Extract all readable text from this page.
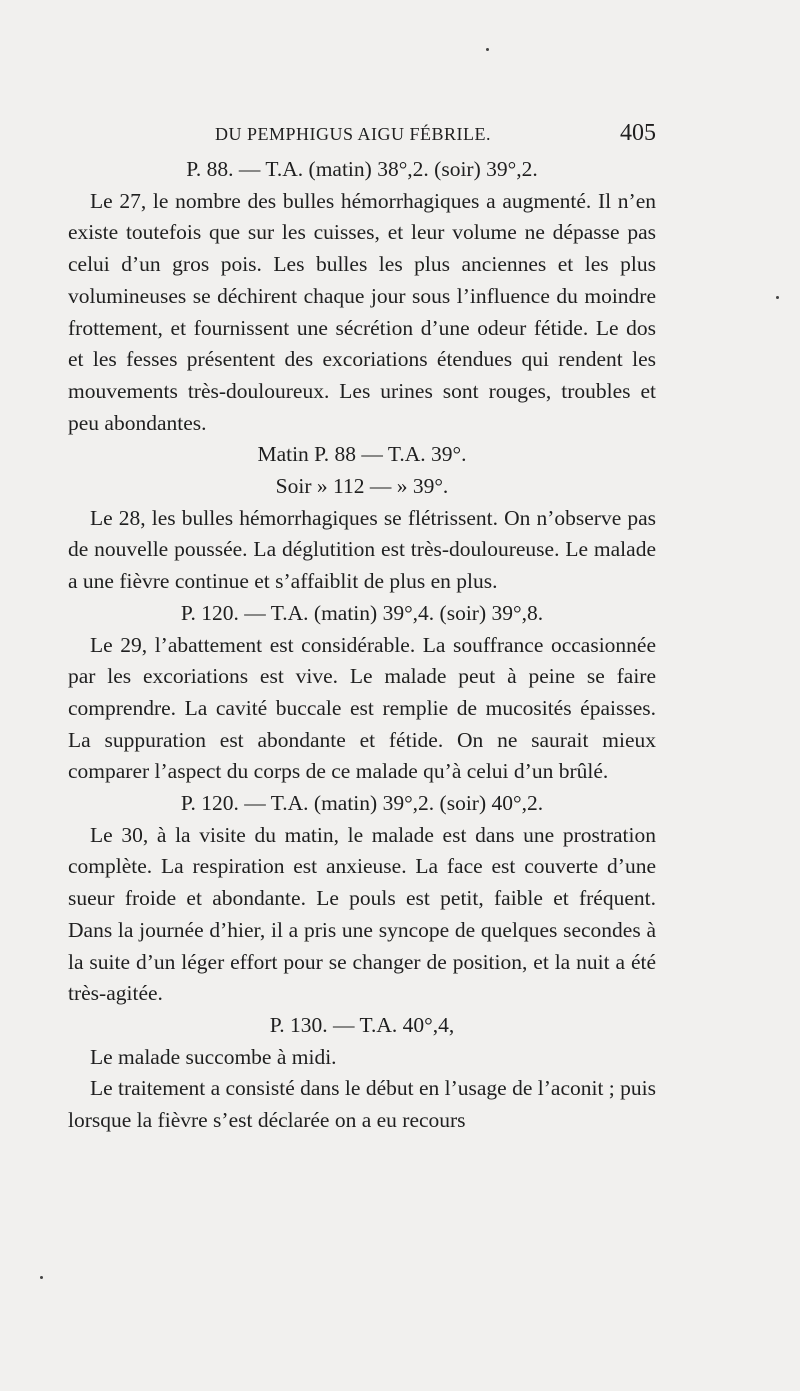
DU PEMPHIGUS AIGU FÉBRILE.	405

P. 88. — T.A. (matin) 38°,2. (soir) 39°,2.

Le 27, le nombre des bulles hémorrhagiques a augmenté. Il n’en existe toutefois que sur les cuisses, et leur volume ne dépasse pas celui d’un gros pois. Les bulles les plus anciennes et les plus volumineuses se déchirent chaque jour sous l’influence du moindre frottement, et fournissent une sécrétion d’une odeur fétide. Le dos et les fesses présentent des excoriations étendues qui rendent les mouvements très-douloureux. Les urines sont rouges, troubles et peu abondantes.

Matin P. 88 — T.A. 39°.

Soir » 112 — » 39°.

Le 28, les bulles hémorrhagiques se flétrissent. On n’observe pas de nouvelle poussée. La déglutition est très-douloureuse. Le malade a une fièvre continue et s’affaiblit de plus en plus.

P. 120. — T.A. (matin) 39°,4. (soir) 39°,8.

Le 29, l’abattement est considérable. La souffrance occasionnée par les excoriations est vive. Le malade peut à peine se faire comprendre. La cavité buccale est remplie de mucosités épaisses. La suppuration est abondante et fétide. On ne saurait mieux comparer l’aspect du corps de ce malade qu’à celui d’un brûlé.

P. 120. — T.A. (matin) 39°,2. (soir) 40°,2.

Le 30, à la visite du matin, le malade est dans une prostration complète. La respiration est anxieuse. La face est couverte d’une sueur froide et abondante. Le pouls est petit, faible et fréquent. Dans la journée d’hier, il a pris une syncope de quelques secondes à la suite d’un léger effort pour se changer de position, et la nuit a été très-agitée.

P. 130. — T.A. 40°,4,

Le malade succombe à midi.

Le traitement a consisté dans le début en l’usage de l’aconit ; puis lorsque la fièvre s’est déclarée on a eu recours
